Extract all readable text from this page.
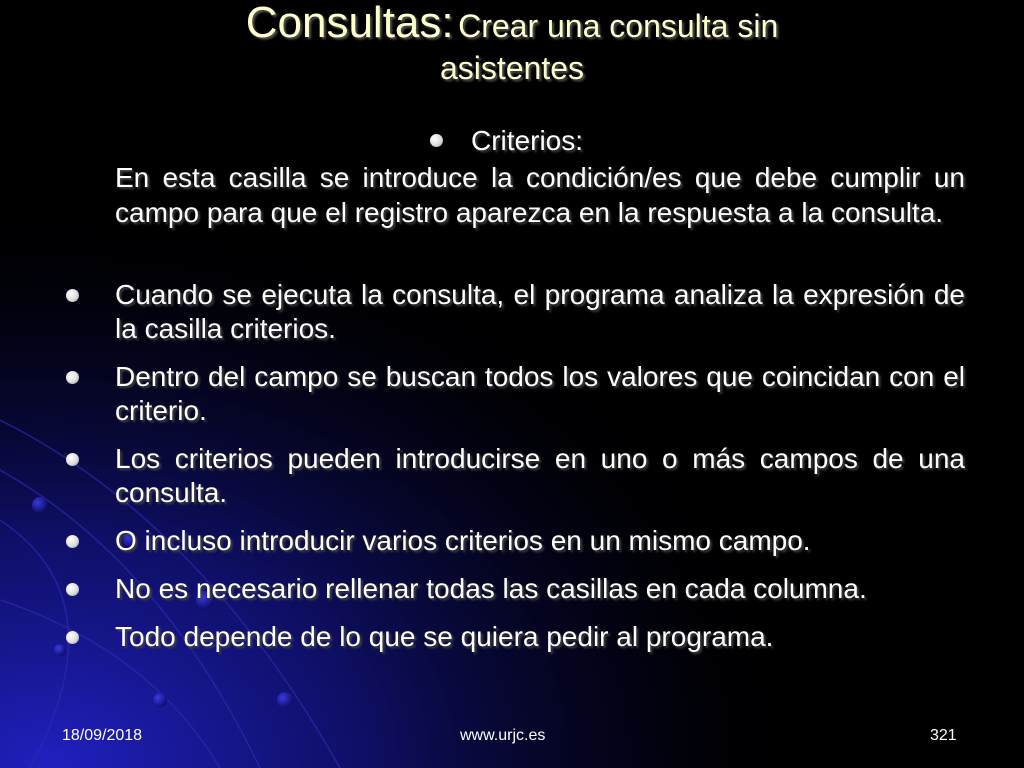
Consultas: Crear una consulta sin
asistentes
Criterios:
En esta casilla se introduce la condición/es que debe cumplir un campo para que el registro aparezca en la respuesta a la consulta.
Cuando se ejecuta la consulta, el programa analiza la expresión de la casilla criterios.
Dentro del campo se buscan todos los valores que coincidan con el criterio.
Los criterios pueden introducirse en uno o más campos de una consulta.
O incluso introducir varios criterios en un mismo campo.
No es necesario rellenar todas las casillas en cada columna.
Todo depende de lo que se quiera pedir al programa.
18/09/2018	www.urjc.es	321
